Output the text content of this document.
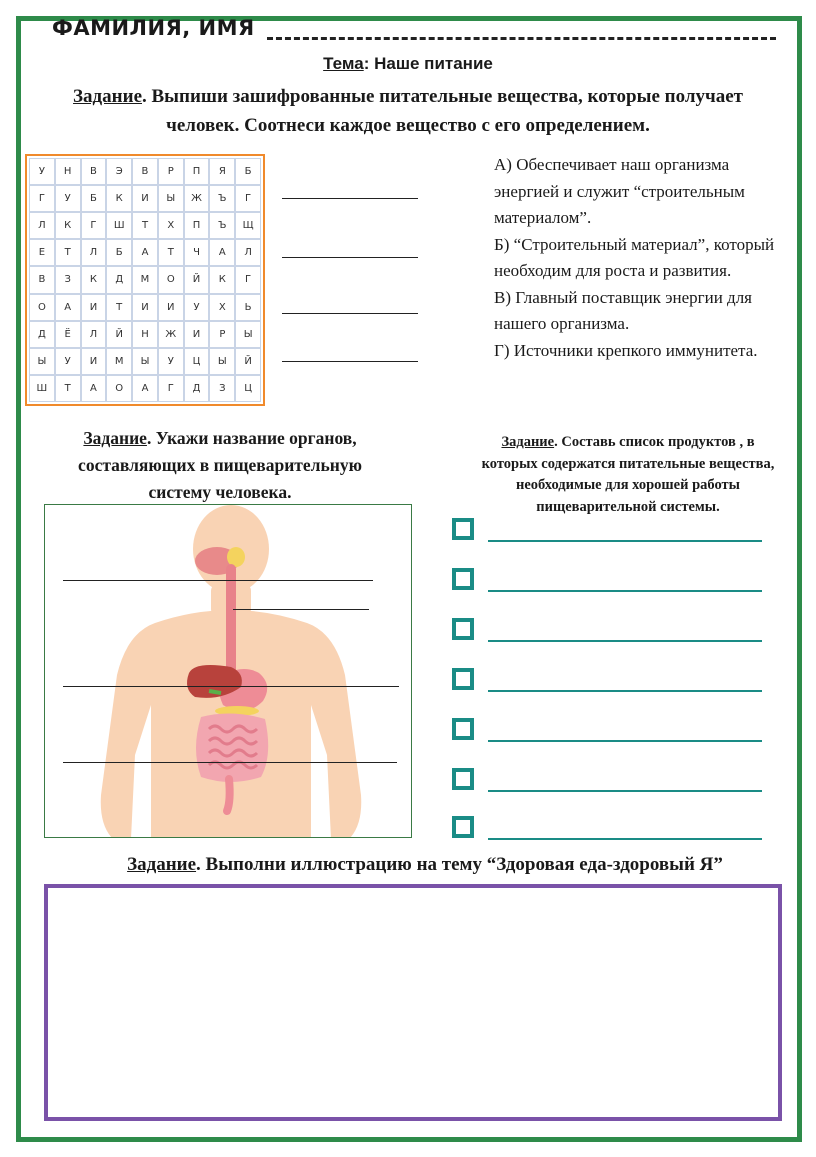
ФАМИЛИЯ, ИМЯ
Тема: Наше питание
Задание. Выпиши зашифрованные питательные вещества, которые получает человек. Соотнеси каждое вещество с его определением.
У	Н	В	Э	В	Р	П	Я	Б
Г	У	Б	К	И	Ы	Ж	Ъ	Г
Л	К	Г	Ш	Т	Х	П	Ъ	Щ
Е	Т	Л	Б	А	Т	Ч	А	Л
В	З	К	Д	М	О	Й	К	Г
О	А	И	Т	И	И	У	Х	Ь
Д	Ё	Л	Й	Н	Ж	И	Р	Ы
Ы	У	И	М	Ы	У	Ц	Ы	Й
Ш	Т	А	О	А	Г	Д	З	Ц

А) Обеспечивает наш организма энергией и служит “строительным материалом”.

Б) “Строительный материал”, который необходим для роста и развития.

В) Главный поставщик энергии для нашего организма.

Г) Источники крепкого иммунитета.

Задание. Укажи название органов, составляющих в пищеварительную систему человека.
Задание. Составь список продуктов , в которых содержатся питательные вещества, необходимые для хорошей работы пищеварительной системы.
Задание. Выполни иллюстрацию на тему “Здоровая еда-здоровый Я”
